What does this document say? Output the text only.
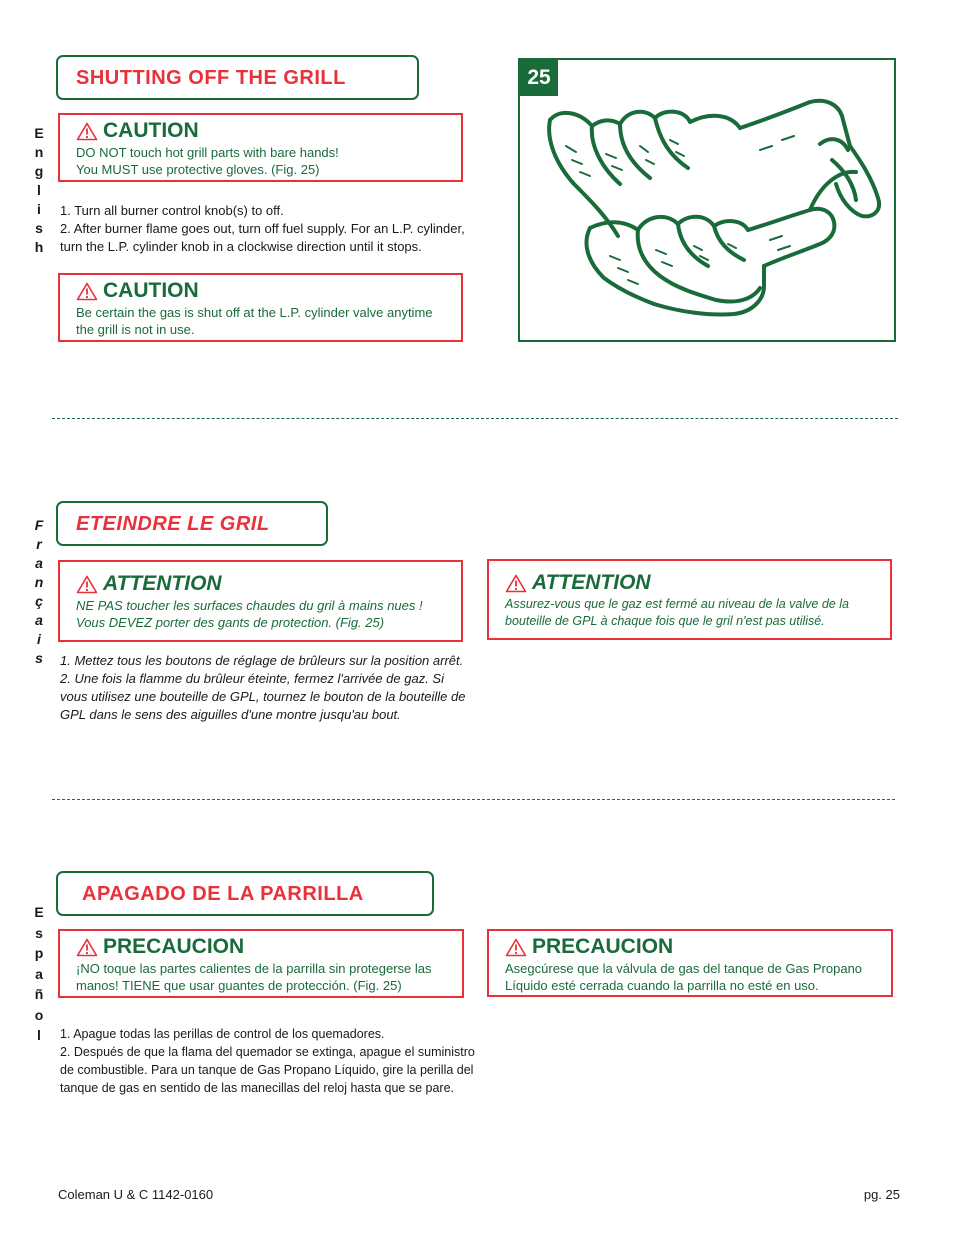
E
n
g
l
i
s
h
SHUTTING OFF THE GRILL
CAUTION
DO NOT touch hot grill parts with bare hands!
You MUST use protective gloves. (Fig. 25)
1. Turn all burner control knob(s) to off.
2. After burner flame goes out, turn off fuel supply. For an L.P. cylinder,
turn the L.P. cylinder knob in a clockwise direction until it stops.
CAUTION
Be certain the gas is shut off at the L.P. cylinder valve anytime
the grill is not in use.
25
F
r
a
n
ç
a
i
s
ETEINDRE LE GRIL
ATTENTION
NE PAS toucher les surfaces chaudes du gril à mains nues !
Vous DEVEZ porter des gants de protection. (Fig. 25)
ATTENTION
Assurez-vous que le gaz est fermé au niveau de la valve de la
bouteille de GPL à chaque fois que le gril n'est pas utilisé.
1. Mettez tous les boutons de réglage de brûleurs sur la position arrêt.
2. Une fois la flamme du brûleur éteinte, fermez l'arrivée de gaz. Si
vous utilisez une bouteille de GPL, tournez le bouton de la bouteille de
GPL dans le sens des aiguilles d'une montre jusqu'au bout.
E
s
p
a
ñ
o
l
APAGADO DE LA PARRILLA
PRECAUCION
¡NO toque las partes calientes de la parrilla sin protegerse las
manos! TIENE que usar guantes de protección. (Fig. 25)
PRECAUCION
Asegcúrese que la válvula de gas del tanque de Gas Propano
Líquido esté cerrada cuando la parrilla no esté en uso.
1. Apague todas las perillas de control de los quemadores.
2. Después de que la flama del quemador se extinga, apague el suministro
de combustible. Para un tanque de Gas Propano Líquido, gire la perilla del
tanque de gas en sentido de las manecillas del reloj hasta que se pare.
Coleman U & C 1142-0160	pg. 25
